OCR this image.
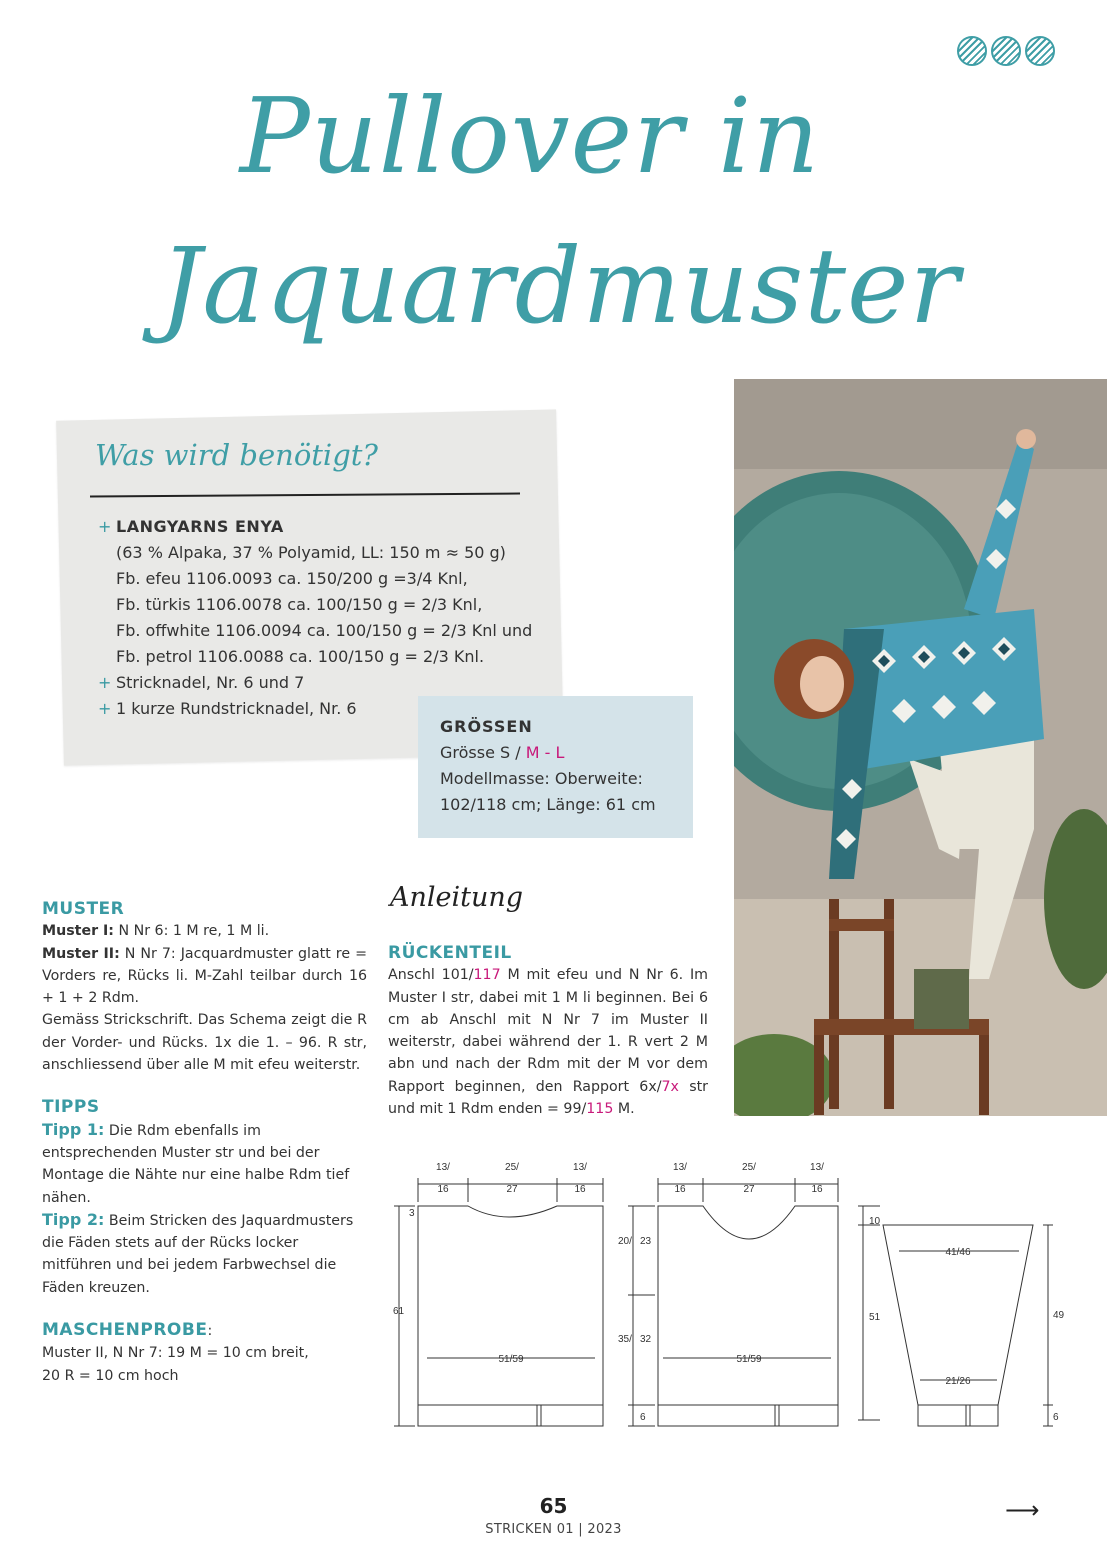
Pullover in
Jaquardmuster
Was wird benötigt?
+ LANGYARNS ENYA
(63 % Alpaka, 37 % Polyamid, LL: 150 m ≈ 50 g)
Fb. efeu 1106.0093 ca. 150/200 g =3/4 Knl,
Fb. türkis 1106.0078 ca. 100/150 g = 2/3 Knl,
Fb. offwhite 1106.0094 ca. 100/150 g = 2/3 Knl und
Fb. petrol 1106.0088 ca. 100/150 g = 2/3 Knl.
+ Stricknadel, Nr. 6 und 7
+ 1 kurze Rundstricknadel, Nr. 6
GRÖSSEN
Grösse S / M - L
Modellmasse: Oberweite:
102/118 cm; Länge: 61 cm
MUSTER
Muster I: N Nr 6: 1 M re, 1 M li.
Muster II: N Nr 7: Jacquardmuster glatt re = Vorders re, Rücks li. M-Zahl teilbar durch 16 + 1 + 2 Rdm.
Gemäss Strickschrift. Das Schema zeigt die R der Vorder- und Rücks. 1x die 1. – 96. R str, anschliessend über alle M mit efeu weiterstr.
TIPPS
Tipp 1: Die Rdm ebenfalls im entsprechenden Muster str und bei der Montage die Nähte nur eine halbe Rdm tief nähen.
Tipp 2: Beim Stricken des Jaquardmusters die Fäden stets auf der Rücks locker mitführen und bei jedem Farbwechsel die Fäden kreuzen.
MASCHENPROBE:
Muster II, N Nr 7: 19 M = 10 cm breit,
20 R = 10 cm hoch
Anleitung
RÜCKENTEIL
Anschl 101/117 M mit efeu und N Nr 6. Im Muster I str, dabei mit 1 M li beginnen. Bei 6 cm ab Anschl mit N Nr 7 im Muster II weiterstr, dabei während der 1. R vert 2 M abn und nach der Rdm mit der M vor dem Rapport beginnen, den Rapport 6x/7x str und mit 1 Rdm enden = 99/115 M.
13/
16
25/
27
13/
16
3
61
51/59
13/
16
25/
27
13/
16
20/ 23
35/ 32
6
51/59
10
51
41/46
21/26
49
6
65
STRICKEN 01 | 2023
⟶
